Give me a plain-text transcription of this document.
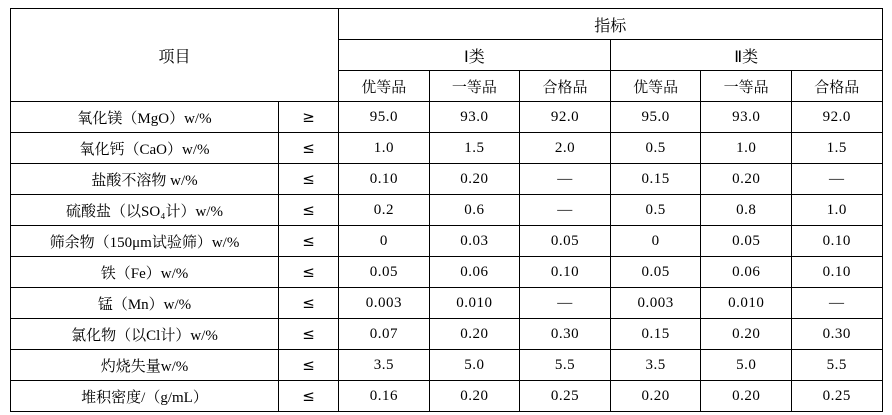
项目		指标					
		Ⅰ类			Ⅱ类		
		优等品	一等品	合格品	优等品	一等品	合格品
氧化镁（MgO）w/%	≥	95.0	93.0	92.0	95.0	93.0	92.0
氧化钙（CaO）w/%	≤	1.0	1.5	2.0	0.5	1.0	1.5
盐酸不溶物 w/%	≤	0.10	0.20	—	0.15	0.20	—
硫酸盐（以SO₄计）w/%	≤	0.2	0.6	—	0.5	0.8	1.0
筛余物（150μm试验筛）w/%	≤	0	0.03	0.05	0	0.05	0.10
铁（Fe）w/%	≤	0.05	0.06	0.10	0.05	0.06	0.10
锰（Mn）w/%	≤	0.003	0.010	—	0.003	0.010	—
氯化物（以Cl计）w/%	≤	0.07	0.20	0.30	0.15	0.20	0.30
灼烧失量w/%	≤	3.5	5.0	5.5	3.5	5.0	5.5
堆积密度/（g/mL）	≤	0.16	0.20	0.25	0.20	0.20	0.25
